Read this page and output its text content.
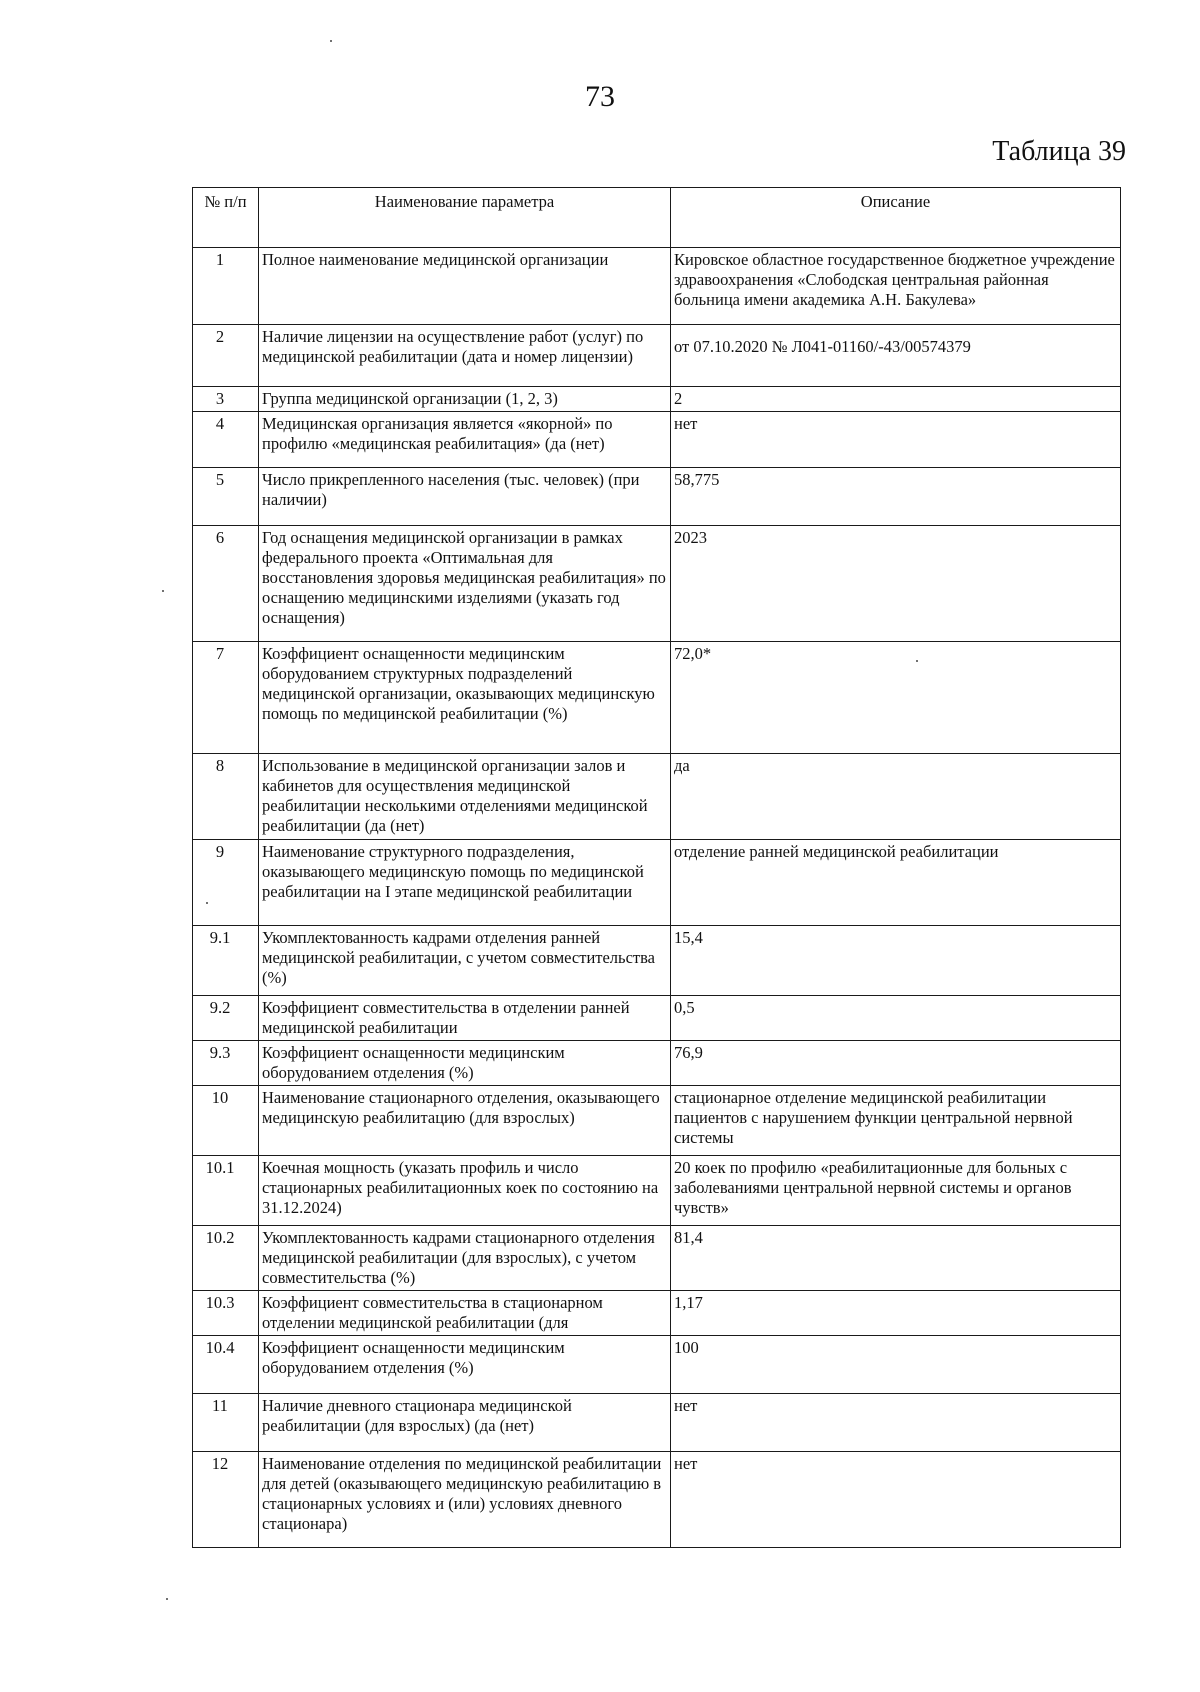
73
Таблица 39
№ п/п	Наименование параметра	Описание
1	Полное наименование медицинской организации	Кировское областное государственное бюджетное учреждение здравоохранения «Слободская центральная районная больница имени академика А.Н. Бакулева»
2	Наличие лицензии на осуществление работ (услуг) по медицинской реабилитации (дата и номер лицензии)	от 07.10.2020 № Л041-01160/-43/00574379
3	Группа медицинской организации (1, 2, 3)	2
4	Медицинская организация является «якорной» по профилю «медицинская реабилитация» (да (нет)	нет
5	Число прикрепленного населения (тыс. человек) (при наличии)	58,775
6	Год оснащения медицинской организации в рамках федерального проекта «Оптимальная для восстановления здоровья медицинская реабилитация» по оснащению медицинскими изделиями (указать год оснащения)	2023
7	Коэффициент оснащенности медицинским оборудованием структурных подразделений медицинской организации, оказывающих медицинскую помощь по медицинской реабилитации (%)	72,0*
8	Использование в медицинской организации залов и кабинетов для осуществления медицинской реабилитации несколькими отделениями медицинской реабилитации (да (нет)	да
9	Наименование структурного подразделения, оказывающего медицинскую помощь по медицинской реабилитации на I этапе медицинской реабилитации	отделение ранней медицинской реабилитации
9.1	Укомплектованность кадрами отделения ранней медицинской реабилитации, с учетом совместительства (%)	15,4
9.2	Коэффициент совместительства в отделении ранней медицинской реабилитации	0,5
9.3	Коэффициент оснащенности медицинским оборудованием отделения (%)	76,9
10	Наименование стационарного отделения, оказывающего медицинскую реабилитацию (для взрослых)	стационарное отделение медицинской реабилитации пациентов с нарушением функции центральной нервной системы
10.1	Коечная мощность (указать профиль и число стационарных реабилитационных коек по состоянию на 31.12.2024)	20 коек по профилю «реабилитационные для больных с заболеваниями центральной нервной системы и органов чувств»
10.2	Укомплектованность кадрами стационарного отделения медицинской реабилитации (для взрослых), с учетом совместительства (%)	81,4
10.3	Коэффициент совместительства в стационарном отделении медицинской реабилитации (для	1,17
10.4	Коэффициент оснащенности медицинским оборудованием отделения (%)	100
11	Наличие дневного стационара медицинской реабилитации (для взрослых) (да (нет)	нет
12	Наименование отделения по медицинской реабилитации для детей (оказывающего медицинскую реабилитацию в стационарных условиях и (или) условиях дневного стационара)	нет
